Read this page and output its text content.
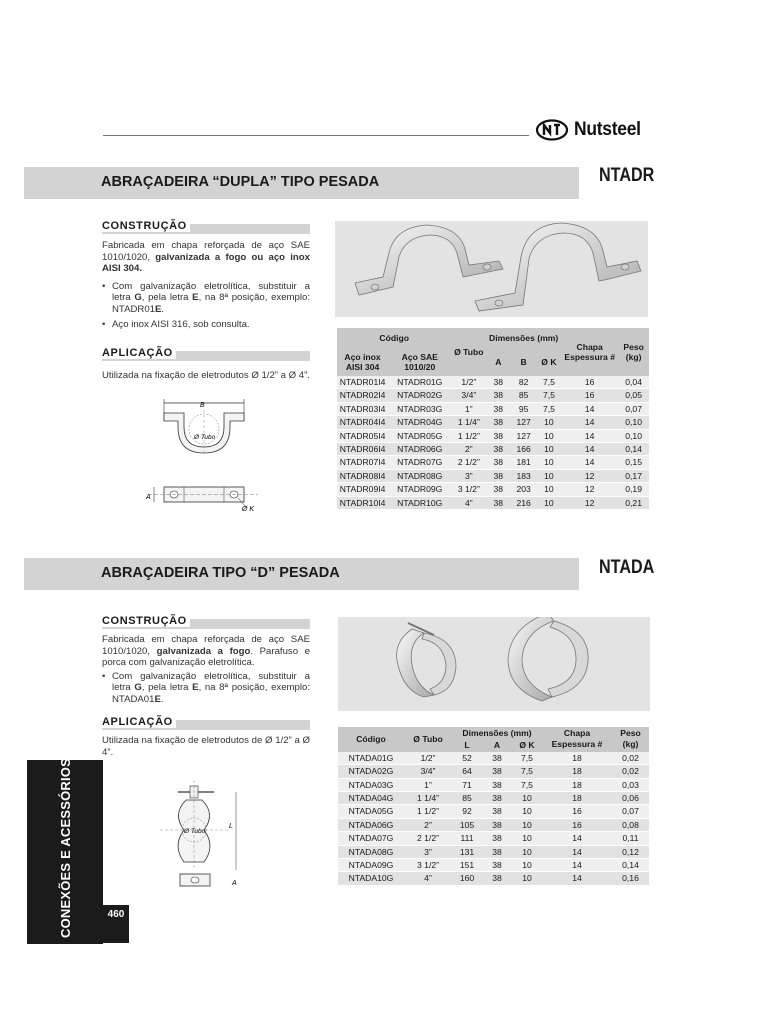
Nutsteel
ABRAÇADEIRA “DUPLA” TIPO PESADA	NTADR
CONSTRUÇÃO
Fabricada em chapa reforçada de aço SAE 1010/1020, galvanizada a fogo ou aço inox AISI 304.
• Com galvanização eletrolítica, substituir a letra G, pela letra E, na 8ª posição, exemplo: NTADR01E.
• Aço inox AISI 316, sob consulta.
APLICAÇÃO
Utilizada na fixação de eletrodutos Ø 1/2” a Ø 4”.
B
Ø Tubo
A
Ø K
Código		Ø Tubo	Dimensões (mm)			Chapa Espessura #	Peso (kg)
Aço inox AISI 304	Aço SAE 1010/20		A	B	Ø K		
NTADR01I4	NTADR01G	1/2”	38	82	7,5	16	0,04
NTADR02I4	NTADR02G	3/4”	38	85	7,5	16	0,05
NTADR03I4	NTADR03G	1”	38	95	7,5	14	0,07
NTADR04I4	NTADR04G	1 1/4”	38	127	10	14	0,10
NTADR05I4	NTADR05G	1 1/2”	38	127	10	14	0,10
NTADR06I4	NTADR06G	2”	38	166	10	14	0,14
NTADR07I4	NTADR07G	2 1/2”	38	181	10	14	0,15
NTADR08I4	NTADR08G	3”	38	183	10	12	0,17
NTADR09I4	NTADR09G	3 1/2”	38	203	10	12	0,19
NTADR10I4	NTADR10G	4”	38	216	10	12	0,21
ABRAÇADEIRA TIPO “D” PESADA	NTADA
CONSTRUÇÃO
Fabricada em chapa reforçada de aço SAE 1010/1020, galvanizada a fogo. Parafuso e porca com galvanização eletrolítica.
• Com galvanização eletrolítica, substituir a letra G, pela letra E, na 8ª posição, exemplo: NTADA01E.
APLICAÇÃO
Utilizada na fixação de eletrodutos de Ø 1/2” a Ø 4”.
Ø Tubo
L
A
Código	Ø Tubo	Dimensões (mm)			Chapa Espessura #	Peso (kg)
		L	A	Ø K		
NTADA01G	1/2”	52	38	7,5	18	0,02
NTADA02G	3/4”	64	38	7,5	18	0,02
NTADA03G	1”	71	38	7,5	18	0,03
NTADA04G	1 1/4”	85	38	10	18	0,06
NTADA05G	1 1/2”	92	38	10	16	0,07
NTADA06G	2”	105	38	10	16	0,08
NTADA07G	2 1/2”	111	38	10	14	0,11
NTADA08G	3”	131	38	10	14	0,12
NTADA09G	3 1/2”	151	38	10	14	0,14
NTADA10G	4”	160	38	10	14	0,16
CONEXÕES E ACESSÓRIOS	460
